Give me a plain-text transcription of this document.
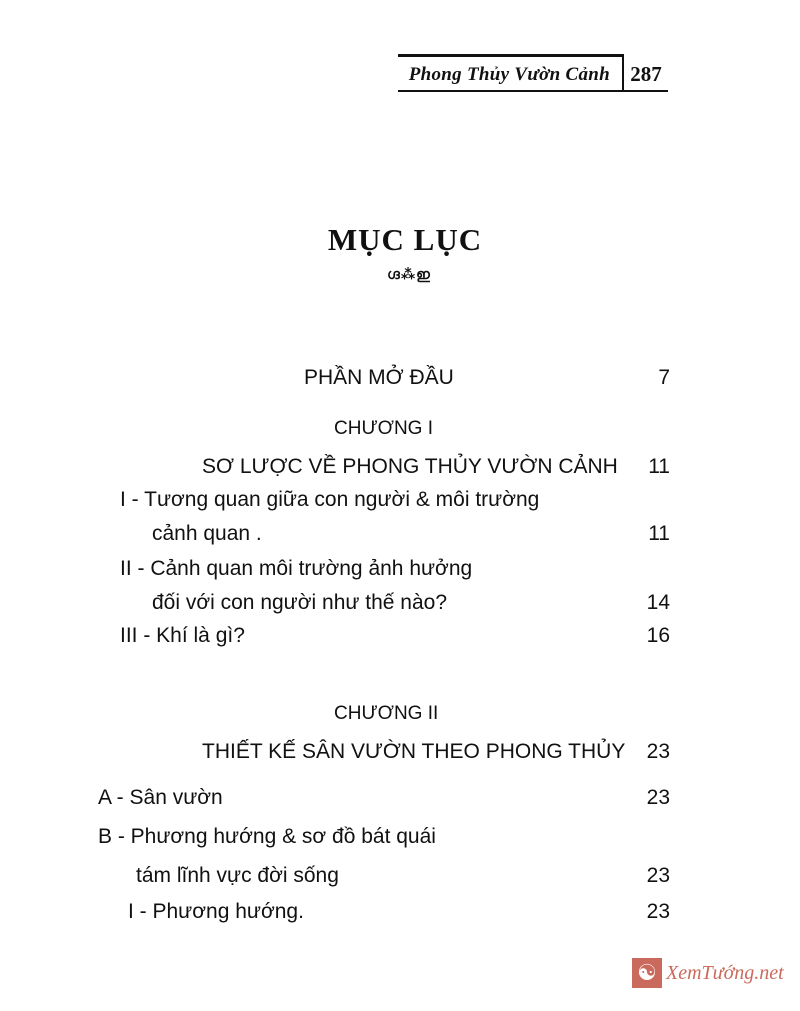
Phong Thủy Vườn Cảnh 287
MỤC LỤC
ഗ്ദ⁂ഇ
PHẦN MỞ ĐẦU	7
CHƯƠNG I
SƠ LƯỢC VỀ PHONG THỦY VƯỜN CẢNH	11
I - Tương quan giữa con người & môi trường
cảnh quan .	11
II - Cảnh quan môi trường ảnh hưởng
đối với con người như thế nào?	14
III - Khí là gì?	16
CHƯƠNG II
THIẾT KẾ SÂN VƯỜN THEO PHONG THỦY	23
A - Sân vườn	23
B - Phương hướng & sơ đồ bát quái
tám lĩnh vực đời sống	23
I - Phương hướng.	23
☯ XemTướng.net
